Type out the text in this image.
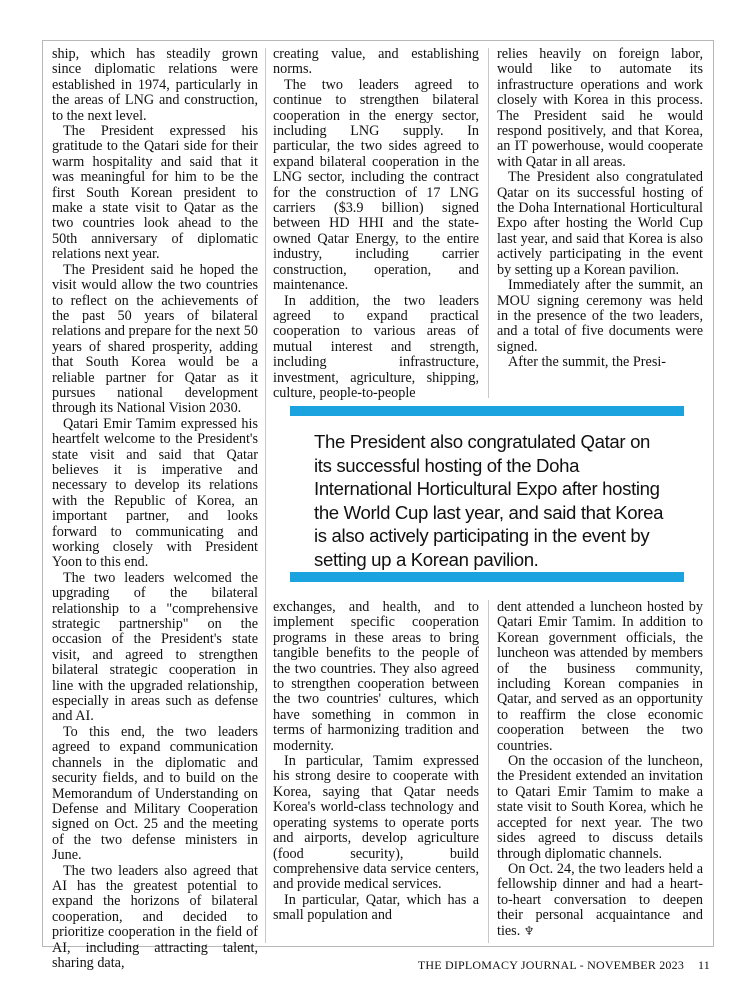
ship, which has steadily grown since diplomatic relations were established in 1974, particularly in the areas of LNG and construction, to the next level.

The President expressed his gratitude to the Qatari side for their warm hospitality and said that it was meaningful for him to be the first South Korean president to make a state visit to Qatar as the two countries look ahead to the 50th anniversary of diplomatic relations next year.

The President said he hoped the visit would allow the two countries to reflect on the achievements of the past 50 years of bilateral relations and prepare for the next 50 years of shared prosperity, adding that South Korea would be a reliable partner for Qatar as it pursues national development through its National Vision 2030.

Qatari Emir Tamim expressed his heartfelt welcome to the President's state visit and said that Qatar believes it is imperative and necessary to develop its relations with the Republic of Korea, an important partner, and looks forward to communicating and working closely with President Yoon to this end.

The two leaders welcomed the upgrading of the bilateral relationship to a "comprehensive strategic partnership" on the occasion of the President's state visit, and agreed to strengthen bilateral strategic cooperation in line with the upgraded relationship, especially in areas such as defense and AI.

To this end, the two leaders agreed to expand communication channels in the diplomatic and security fields, and to build on the Memorandum of Understanding on Defense and Military Cooperation signed on Oct. 25 and the meeting of the two defense ministers in June.

The two leaders also agreed that AI has the greatest potential to expand the horizons of bilateral cooperation, and decided to prioritize cooperation in the field of AI, including attracting talent, sharing data,

creating value, and establishing norms.

The two leaders agreed to continue to strengthen bilateral cooperation in the energy sector, including LNG supply. In particular, the two sides agreed to expand bilateral cooperation in the LNG sector, including the contract for the construction of 17 LNG carriers ($3.9 billion) signed between HD HHI and the state-owned Qatar Energy, to the entire industry, including carrier construction, operation, and maintenance.

In addition, the two leaders agreed to expand practical cooperation to various areas of mutual interest and strength, including infrastructure, investment, agriculture, shipping, culture, people-to-people

relies heavily on foreign labor, would like to automate its infrastructure operations and work closely with Korea in this process. The President said he would respond positively, and that Korea, an IT powerhouse, would cooperate with Qatar in all areas.

The President also congratulated Qatar on its successful hosting of the Doha International Horticultural Expo after hosting the World Cup last year, and said that Korea is also actively participating in the event by setting up a Korean pavilion.

Immediately after the summit, an MOU signing ceremony was held in the presence of the two leaders, and a total of five documents were signed.

After the summit, the Presi-

The President also congratulated Qatar on its successful hosting of the Doha International Horticultural Expo after hosting the World Cup last year, and said that Korea is also actively participating in the event by setting up a Korean pavilion.

exchanges, and health, and to implement specific cooperation programs in these areas to bring tangible benefits to the people of the two countries. They also agreed to strengthen cooperation between the two countries' cultures, which have something in common in terms of harmonizing tradition and modernity.

In particular, Tamim expressed his strong desire to cooperate with Korea, saying that Qatar needs Korea's world-class technology and operating systems to operate ports and airports, develop agriculture (food security), build comprehensive data service centers, and provide medical services.

In particular, Qatar, which has a small population and

dent attended a luncheon hosted by Qatari Emir Tamim. In addition to Korean government officials, the luncheon was attended by members of the business community, including Korean companies in Qatar, and served as an opportunity to reaffirm the close economic cooperation between the two countries.

On the occasion of the luncheon, the President extended an invitation to Qatari Emir Tamim to make a state visit to South Korea, which he accepted for next year. The two sides agreed to discuss details through diplomatic channels.

On Oct. 24, the two leaders held a fellowship dinner and had a heart-to-heart conversation to deepen their personal acquaintance and ties. ♆

THE DIPLOMACY JOURNAL - NOVEMBER 2023 11
